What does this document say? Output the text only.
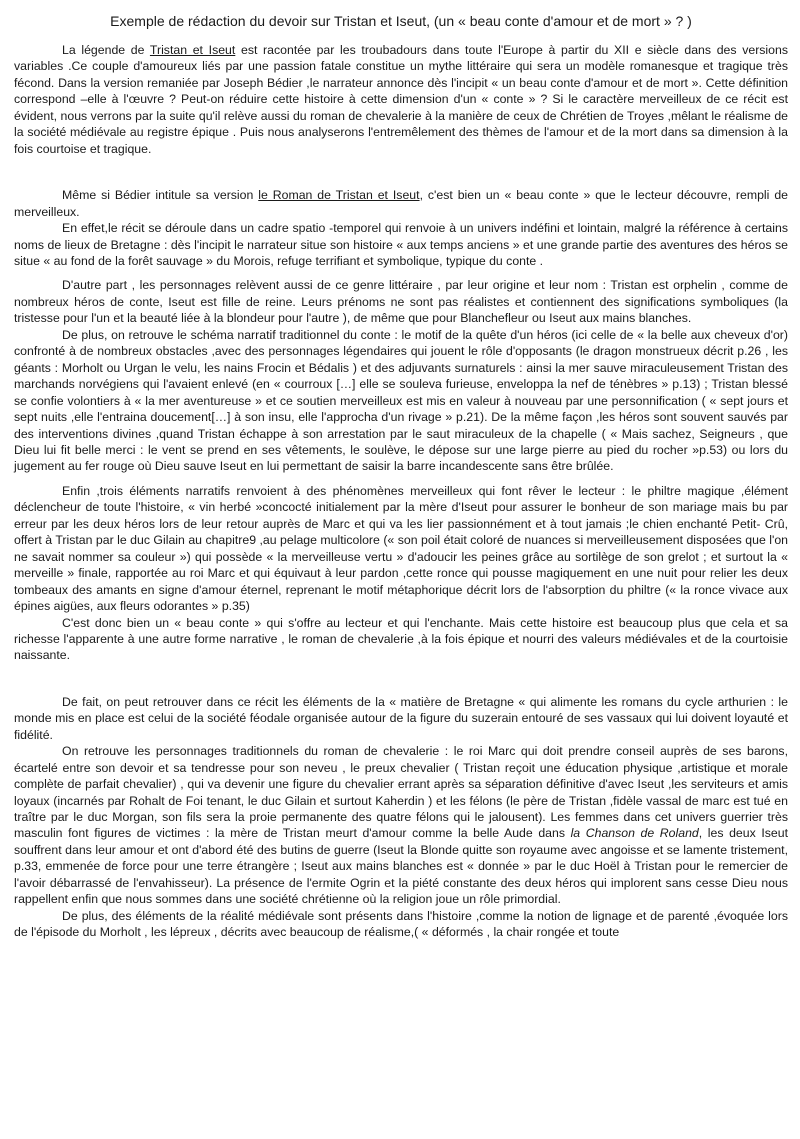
Exemple de rédaction du devoir sur Tristan et Iseut, (un « beau conte d'amour et de mort » ? )

La légende de Tristan et Iseut est racontée par les troubadours dans toute l'Europe à partir du XII e siècle dans des versions variables .Ce couple d'amoureux liés par une passion fatale constitue un mythe littéraire qui sera un modèle romanesque et tragique très fécond. Dans la version remaniée par Joseph Bédier ,le narrateur annonce dès l'incipit « un beau conte d'amour et de mort ». Cette définition correspond –elle à l'œuvre ? Peut-on réduire cette histoire à cette dimension d'un « conte » ? Si le caractère merveilleux de ce récit est évident, nous verrons par la suite qu'il relève aussi du roman de chevalerie à la manière de ceux de Chrétien de Troyes ,mêlant le réalisme de la société médiévale au registre épique . Puis nous analyserons l'entremêlement des thèmes de l'amour et de la mort dans sa dimension à la fois courtoise et tragique.

Même si Bédier intitule sa version le Roman de Tristan et Iseut, c'est bien un « beau conte » que le lecteur découvre, rempli de merveilleux.

En effet,le récit se déroule dans un cadre spatio -temporel qui renvoie à un univers indéfini et lointain, malgré la référence à certains noms de lieux de Bretagne : dès l'incipit le narrateur situe son histoire « aux temps anciens » et une grande partie des aventures des héros se situe « au fond de la forêt sauvage » du Morois, refuge terrifiant et symbolique, typique du conte .

D'autre part , les personnages relèvent aussi de ce genre littéraire , par leur origine et leur nom : Tristan est orphelin , comme de nombreux héros de conte, Iseut est fille de reine. Leurs prénoms ne sont pas réalistes et contiennent des significations symboliques (la tristesse pour l'un et la beauté liée à la blondeur pour l'autre ), de même que pour Blanchefleur ou Iseut aux mains blanches.

De plus, on retrouve le schéma narratif traditionnel du conte : le motif de la quête d'un héros (ici celle de « la belle aux cheveux d'or) confronté à de nombreux obstacles ,avec des personnages légendaires qui jouent le rôle d'opposants (le dragon monstrueux décrit p.26 , les géants : Morholt ou Urgan le velu, les nains Frocin et Bédalis ) et des adjuvants surnaturels : ainsi la mer sauve miraculeusement Tristan des marchands norvégiens qui l'avaient enlevé (en « courroux […] elle se souleva furieuse, enveloppa la nef de ténèbres » p.13) ; Tristan blessé se confie volontiers à « la mer aventureuse » et ce soutien merveilleux est mis en valeur à nouveau par une personnification ( « sept jours et sept nuits ,elle l'entraina doucement[…] à son insu, elle l'approcha d'un rivage » p.21). De la même façon ,les héros sont souvent sauvés par des interventions divines ,quand Tristan échappe à son arrestation par le saut miraculeux de la chapelle ( « Mais sachez, Seigneurs , que Dieu lui fit belle merci : le vent se prend en ses vêtements, le soulève, le dépose sur une large pierre au pied du rocher »p.53) ou lors du jugement au fer rouge où Dieu sauve Iseut en lui permettant de saisir la barre incandescente sans être brûlée.

Enfin ,trois éléments narratifs renvoient à des phénomènes merveilleux qui font rêver le lecteur : le philtre magique ,élément déclencheur de toute l'histoire, « vin herbé »concocté initialement par la mère d'Iseut pour assurer le bonheur de son mariage mais bu par erreur par les deux héros lors de leur retour auprès de Marc et qui va les lier passionnément et à tout jamais ;le chien enchanté Petit- Crû, offert à Tristan par le duc Gilain au chapitre9 ,au pelage multicolore (« son poil était coloré de nuances si merveilleusement disposées que l'on ne savait nommer sa couleur ») qui possède « la merveilleuse vertu » d'adoucir les peines grâce au sortilège de son grelot ; et surtout la « merveille » finale, rapportée au roi Marc et qui équivaut à leur pardon ,cette ronce qui pousse magiquement en une nuit pour relier les deux tombeaux des amants en signe d'amour éternel, reprenant le motif métaphorique décrit lors de l'absorption du philtre (« la ronce vivace aux épines aigües, aux fleurs odorantes » p.35)

C'est donc bien un « beau conte » qui s'offre au lecteur et qui l'enchante. Mais cette histoire est beaucoup plus que cela et sa richesse l'apparente à une autre forme narrative , le roman de chevalerie ,à la fois épique et nourri des valeurs médiévales et de la courtoisie naissante.

De fait, on peut retrouver dans ce récit les éléments de la « matière de Bretagne « qui alimente les romans du cycle arthurien : le monde mis en place est celui de la société féodale organisée autour de la figure du suzerain entouré de ses vassaux qui lui doivent loyauté et fidélité.

On retrouve les personnages traditionnels du roman de chevalerie : le roi Marc qui doit prendre conseil auprès de ses barons, écartelé entre son devoir et sa tendresse pour son neveu , le preux chevalier ( Tristan reçoit une éducation physique ,artistique et morale complète de parfait chevalier) , qui va devenir une figure du chevalier errant après sa séparation définitive d'avec Iseut ,les serviteurs et amis loyaux (incarnés par Rohalt de Foi tenant, le duc Gilain et surtout Kaherdin ) et les félons (le père de Tristan ,fidèle vassal de marc est tué en traître par le duc Morgan, son fils sera la proie permanente des quatre félons qui le jalousent). Les femmes dans cet univers guerrier très masculin font figures de victimes : la mère de Tristan meurt d'amour comme la belle Aude dans la Chanson de Roland, les deux Iseut souffrent dans leur amour et ont d'abord été des butins de guerre (Iseut la Blonde quitte son royaume avec angoisse et se lamente tristement, p.33, emmenée de force pour une terre étrangère ; Iseut aux mains blanches est « donnée » par le duc Hoël à Tristan pour le remercier de l'avoir débarrassé de l'envahisseur). La présence de l'ermite Ogrin et la piété constante des deux héros qui implorent sans cesse Dieu nous rappellent enfin que nous sommes dans une société chrétienne où la religion joue un rôle primordial.

De plus, des éléments de la réalité médiévale sont présents dans l'histoire ,comme la notion de lignage et de parenté ,évoquée lors de l'épisode du Morholt , les lépreux , décrits avec beaucoup de réalisme,( « déformés , la chair rongée et toute
